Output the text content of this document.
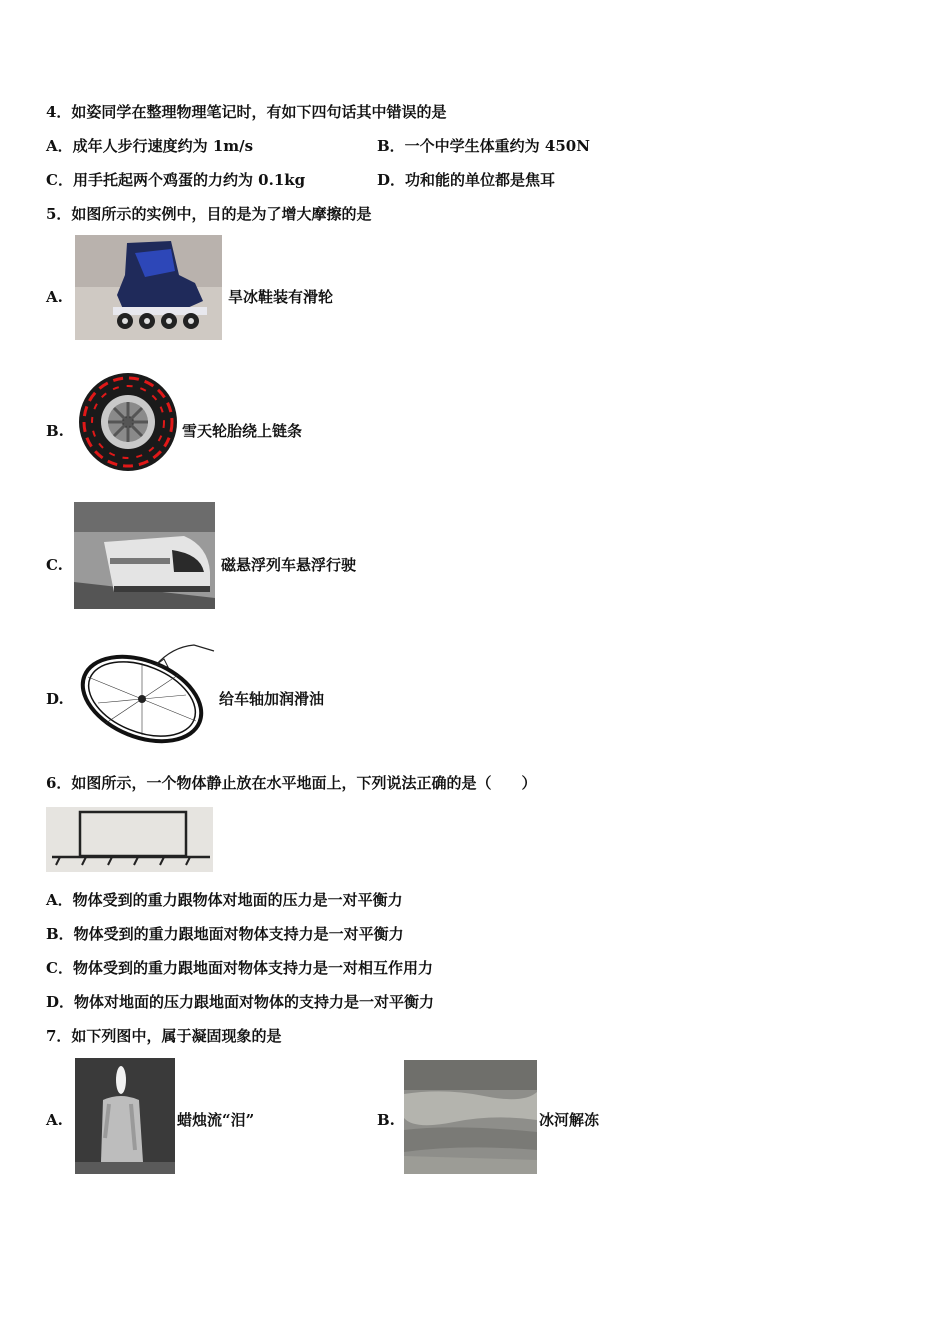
4．如姿同学在整理物理笔记时，有如下四句话其中错误的是
A．成年人步行速度约为 1m/s	B．一个中学生体重约为 450N
C．用手托起两个鸡蛋的力约为 0.1kg	D．功和能的单位都是焦耳
5．如图所示的实例中，目的是为了增大摩擦的是
A.	旱冰鞋装有滑轮
B.	雪天轮胎绕上链条
C.	磁悬浮列车悬浮行驶
D.	给车轴加润滑油
6．如图所示，一个物体静止放在水平地面上，下列说法正确的是（　　）
A．物体受到的重力跟物体对地面的压力是一对平衡力
B．物体受到的重力跟地面对物体支持力是一对平衡力
C．物体受到的重力跟地面对物体支持力是一对相互作用力
D．物体对地面的压力跟地面对物体的支持力是一对平衡力
7．如下列图中，属于凝固现象的是
A.	蜡烛流“泪”	B.	冰河解冻
